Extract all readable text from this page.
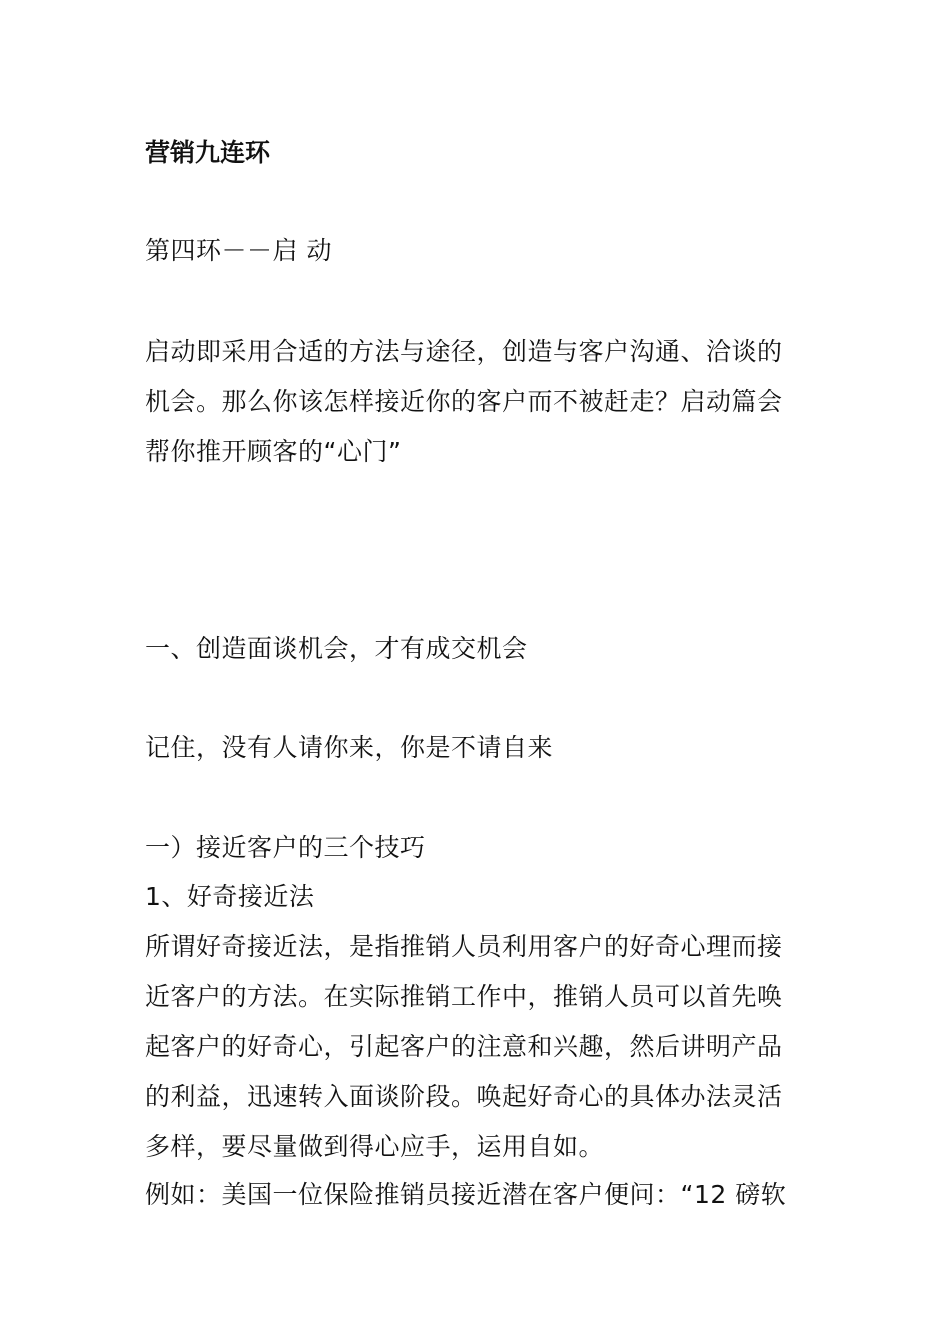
营销九连环
第四环－－启 动
启动即采用合适的方法与途径，创造与客户沟通、洽谈的
机会。那么你该怎样接近你的客户而不被赶走？启动篇会
帮你推开顾客的“心门”
一、创造面谈机会，才有成交机会
记住，没有人请你来，你是不请自来
一）接近客户的三个技巧
1、好奇接近法
所谓好奇接近法，是指推销人员利用客户的好奇心理而接
近客户的方法。在实际推销工作中，推销人员可以首先唤
起客户的好奇心，引起客户的注意和兴趣，然后讲明产品
的利益，迅速转入面谈阶段。唤起好奇心的具体办法灵活
多样，要尽量做到得心应手，运用自如。
例如：美国一位保险推销员接近潜在客户便问：“12 磅软
